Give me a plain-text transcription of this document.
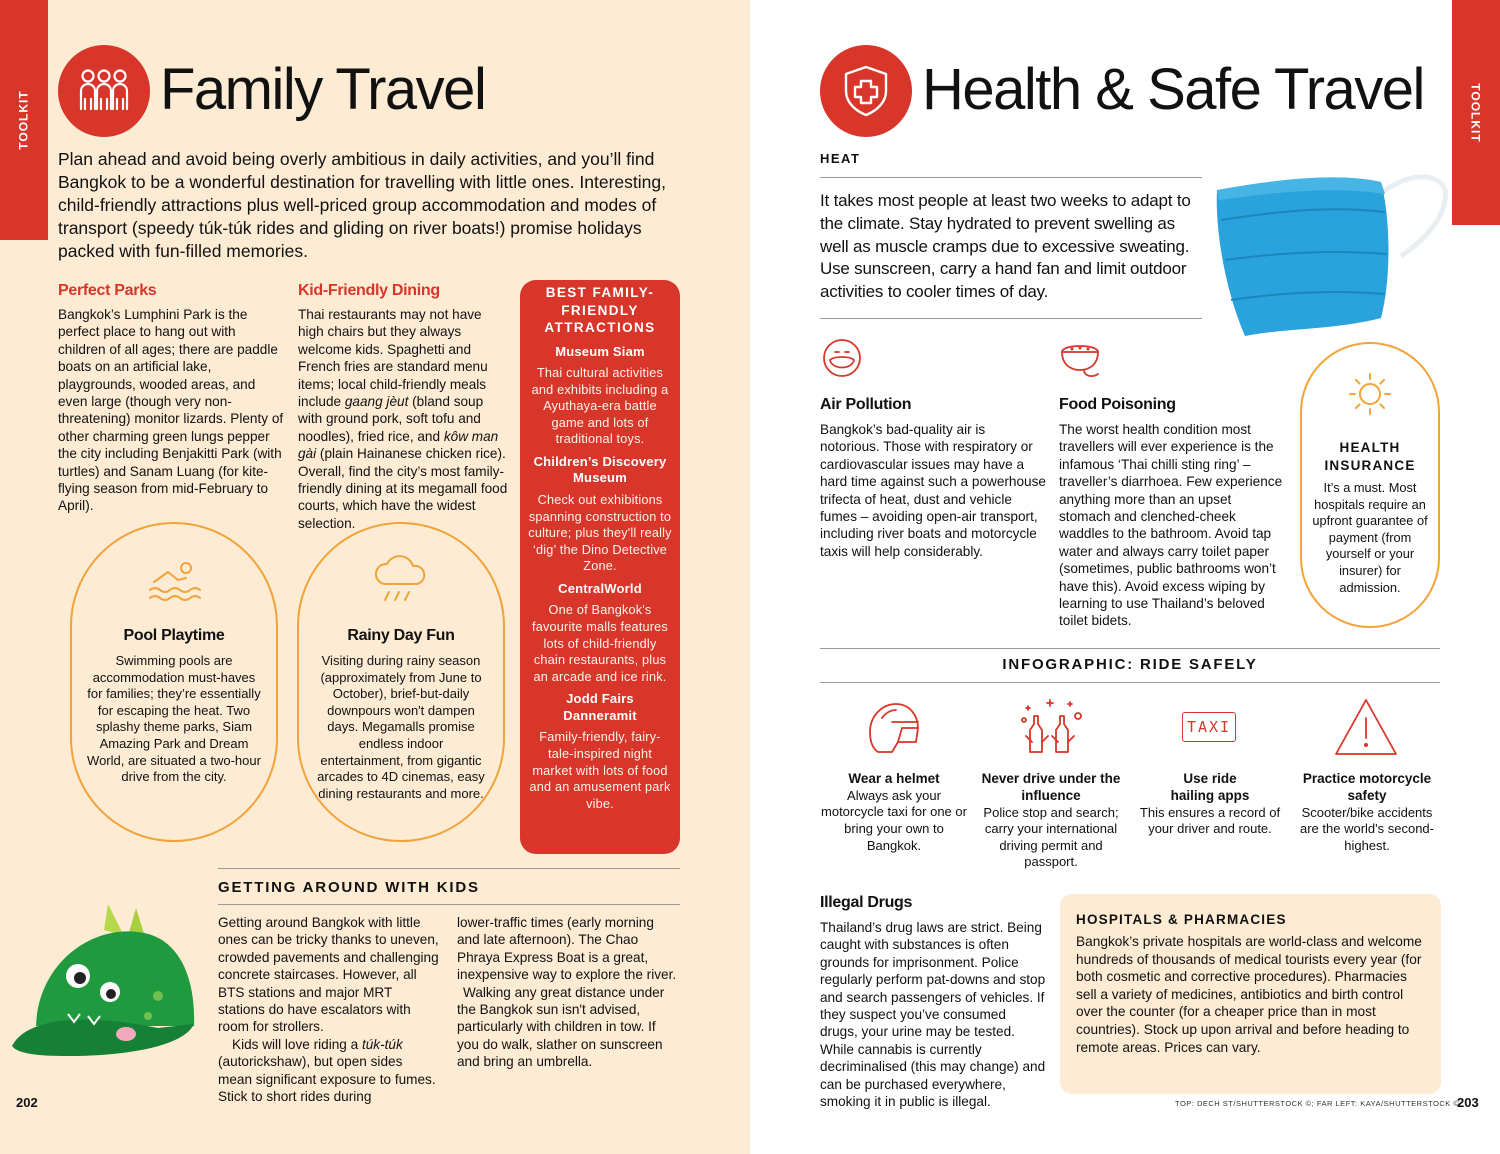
TOOLKIT Family Travel

Plan ahead and avoid being overly ambitious in daily activities, and you’ll find Bangkok to be a wonderful destination for travelling with little ones. Interesting, child-friendly attractions plus well-priced group accommodation and modes of transport (speedy túk-túk rides and gliding on river boats!) promise holidays packed with fun-filled memories.

Perfect Parks

Bangkok’s Lumphini Park is the perfect place to hang out with children of all ages; there are paddle boats on an artificial lake, playgrounds, wooded areas, and even large (though very non-threatening) monitor lizards. Plenty of other charming green lungs pepper the city including Benjakitti Park (with turtles) and Sanam Luang (for kite-flying season from mid-February to April).

Kid-Friendly Dining

Thai restaurants may not have high chairs but they always welcome kids. Spaghetti and French fries are standard menu items; local child-friendly meals include gaang jèut (bland soup with ground pork, soft tofu and noodles), fried rice, and kôw man gài (plain Hainanese chicken rice). Overall, find the city’s most family-friendly dining at its megamall food courts, which have the widest selection.

BEST FAMILY-FRIENDLY ATTRACTIONS
Museum Siam
Thai cultural activities and exhibits including a Ayuthaya-era battle game and lots of traditional toys.
Children’s Discovery Museum
Check out exhibitions spanning construction to culture; plus they'll really ‘dig’ the Dino Detective Zone.
CentralWorld
One of Bangkok's favourite malls features lots of child-friendly chain restaurants, plus an arcade and ice rink.
Jodd Fairs Danneramit
Family-friendly, fairy-tale-inspired night market with lots of food and an amusement park vibe.
Pool Playtime

Swimming pools are accommodation must-haves for families; they’re essentially for escaping the heat. Two splashy theme parks, Siam Amazing Park and Dream World, are situated a two-hour drive from the city.

Rainy Day Fun

Visiting during rainy season (approximately from June to October), brief-but-daily downpours won't dampen days. Megamalls promise endless indoor entertainment, from gigantic arcades to 4D cinemas, easy dining restaurants and more.

GETTING AROUND WITH KIDS

Getting around Bangkok with little ones can be tricky thanks to uneven, crowded pavements and challenging concrete staircases. However, all BTS stations and major MRT stations do have escalators with room for strollers.

Kids will love riding a túk-túk (autorickshaw), but open sides mean significant exposure to fumes. Stick to short rides during

lower-traffic times (early morning and late afternoon). The Chao Phraya Express Boat is a great, inexpensive way to explore the river.

Walking any great distance under the Bangkok sun isn't advised, particularly with children in tow. If you do walk, slather on sunscreen and bring an umbrella.

202
TOOLKIT
Health & Safe Travel
HEAT

It takes most people at least two weeks to adapt to the climate. Stay hydrated to prevent swelling as well as muscle cramps due to excessive sweating. Use sunscreen, carry a hand fan and limit outdoor activities to cooler times of day.

Air Pollution

Bangkok’s bad-quality air is notorious. Those with respiratory or cardiovascular issues may have a hard time against such a powerhouse trifecta of heat, dust and vehicle fumes – avoiding open-air transport, including river boats and motorcycle taxis will help considerably.

Food Poisoning

The worst health condition most travellers will ever experience is the infamous ‘Thai chilli sting ring’ – traveller’s diarrhoea. Few experience anything more than an upset stomach and clenched-cheek waddles to the bathroom. Avoid tap water and always carry toilet paper (sometimes, public bathrooms won’t have this). Avoid excess wiping by learning to use Thailand’s beloved toilet bidets.

HEALTH INSURANCE

It’s a must. Most hospitals require an upfront guarantee of payment (from yourself or your insurer) for admission.

INFOGRAPHIC: RIDE SAFELY
TAXI
Wear a helmet
Always ask your motorcycle taxi for one or bring your own to Bangkok.
Never drive under the influence
Police stop and search; carry your international driving permit and passport.
Use ride hailing apps
This ensures a record of your driver and route.
Practice motorcycle safety
Scooter/bike accidents are the world's second-highest.
Illegal Drugs

Thailand’s drug laws are strict. Being caught with substances is often grounds for imprisonment. Police regularly perform pat-downs and stop and search passengers of vehicles. If they suspect you’ve consumed drugs, your urine may be tested. While cannabis is currently decriminalised (this may change) and can be purchased everywhere, smoking it in public is illegal.

HOSPITALS & PHARMACIES

Bangkok’s private hospitals are world-class and welcome hundreds of thousands of medical tourists every year (for both cosmetic and corrective procedures). Pharmacies sell a variety of medicines, antibiotics and birth control over the counter (for a cheaper price than in most countries). Stock up upon arrival and before heading to remote areas. Prices can vary.

TOP: DECH ST/SHUTTERSTOCK ©; FAR LEFT: KAYA/SHUTTERSTOCK ©
203
